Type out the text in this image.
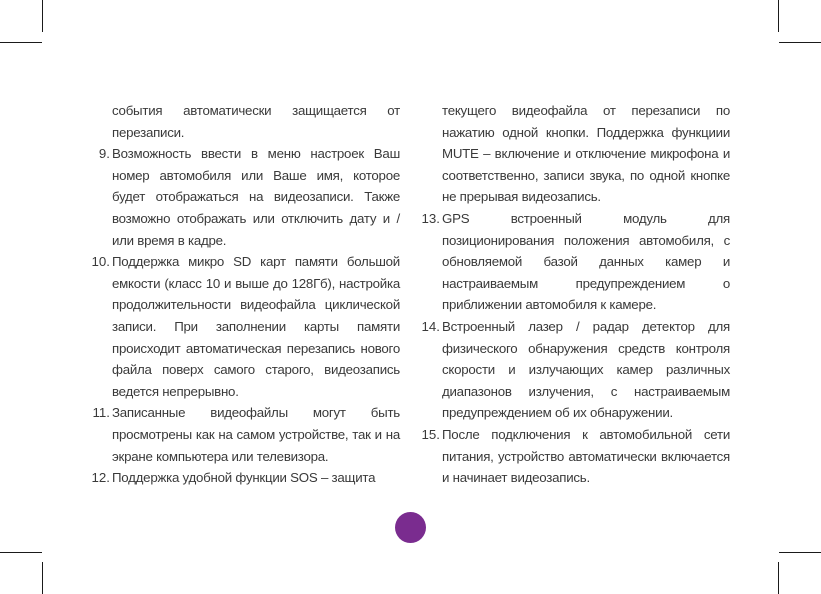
события автоматически защищается от перезаписи.
9. Возможность ввести в меню настроек Ваш номер автомобиля или Ваше имя, которое будет отображаться на видеозаписи. Также возможно отображать или отключить дату и / или время в кадре.
10. Поддержка микро SD карт памяти большой емкости (класс 10 и выше до 128Гб), настройка продолжительности видеофайла циклической записи. При заполнении карты памяти происходит автоматическая перезапись нового файла поверх самого старого, видеозапись ведется непрерывно.
11. Записанные видеофайлы могут быть просмотрены как на самом устройстве, так и на экране компьютера или телевизора.
12. Поддержка удобной функции SOS – защита
текущего видеофайла от перезаписи по нажатию одной кнопки. Поддержка функциии MUTE – включение и отключение микрофона и соответственно, записи звука, по одной кнопке не прерывая видеозапись.
13. GPS встроенный модуль для позиционирования положения автомобиля, с обновляемой базой данных камер и настраиваемым предупреждением о приближении автомобиля к камере.
14. Встроенный лазер / радар детектор для физического обнаружения средств контроля скорости и излучающих камер различных диапазонов излучения, с настраиваемым предупреждением об их обнаружении.
15. После подключения к автомобильной сети питания, устройство автоматически включается и начинает видеозапись.
